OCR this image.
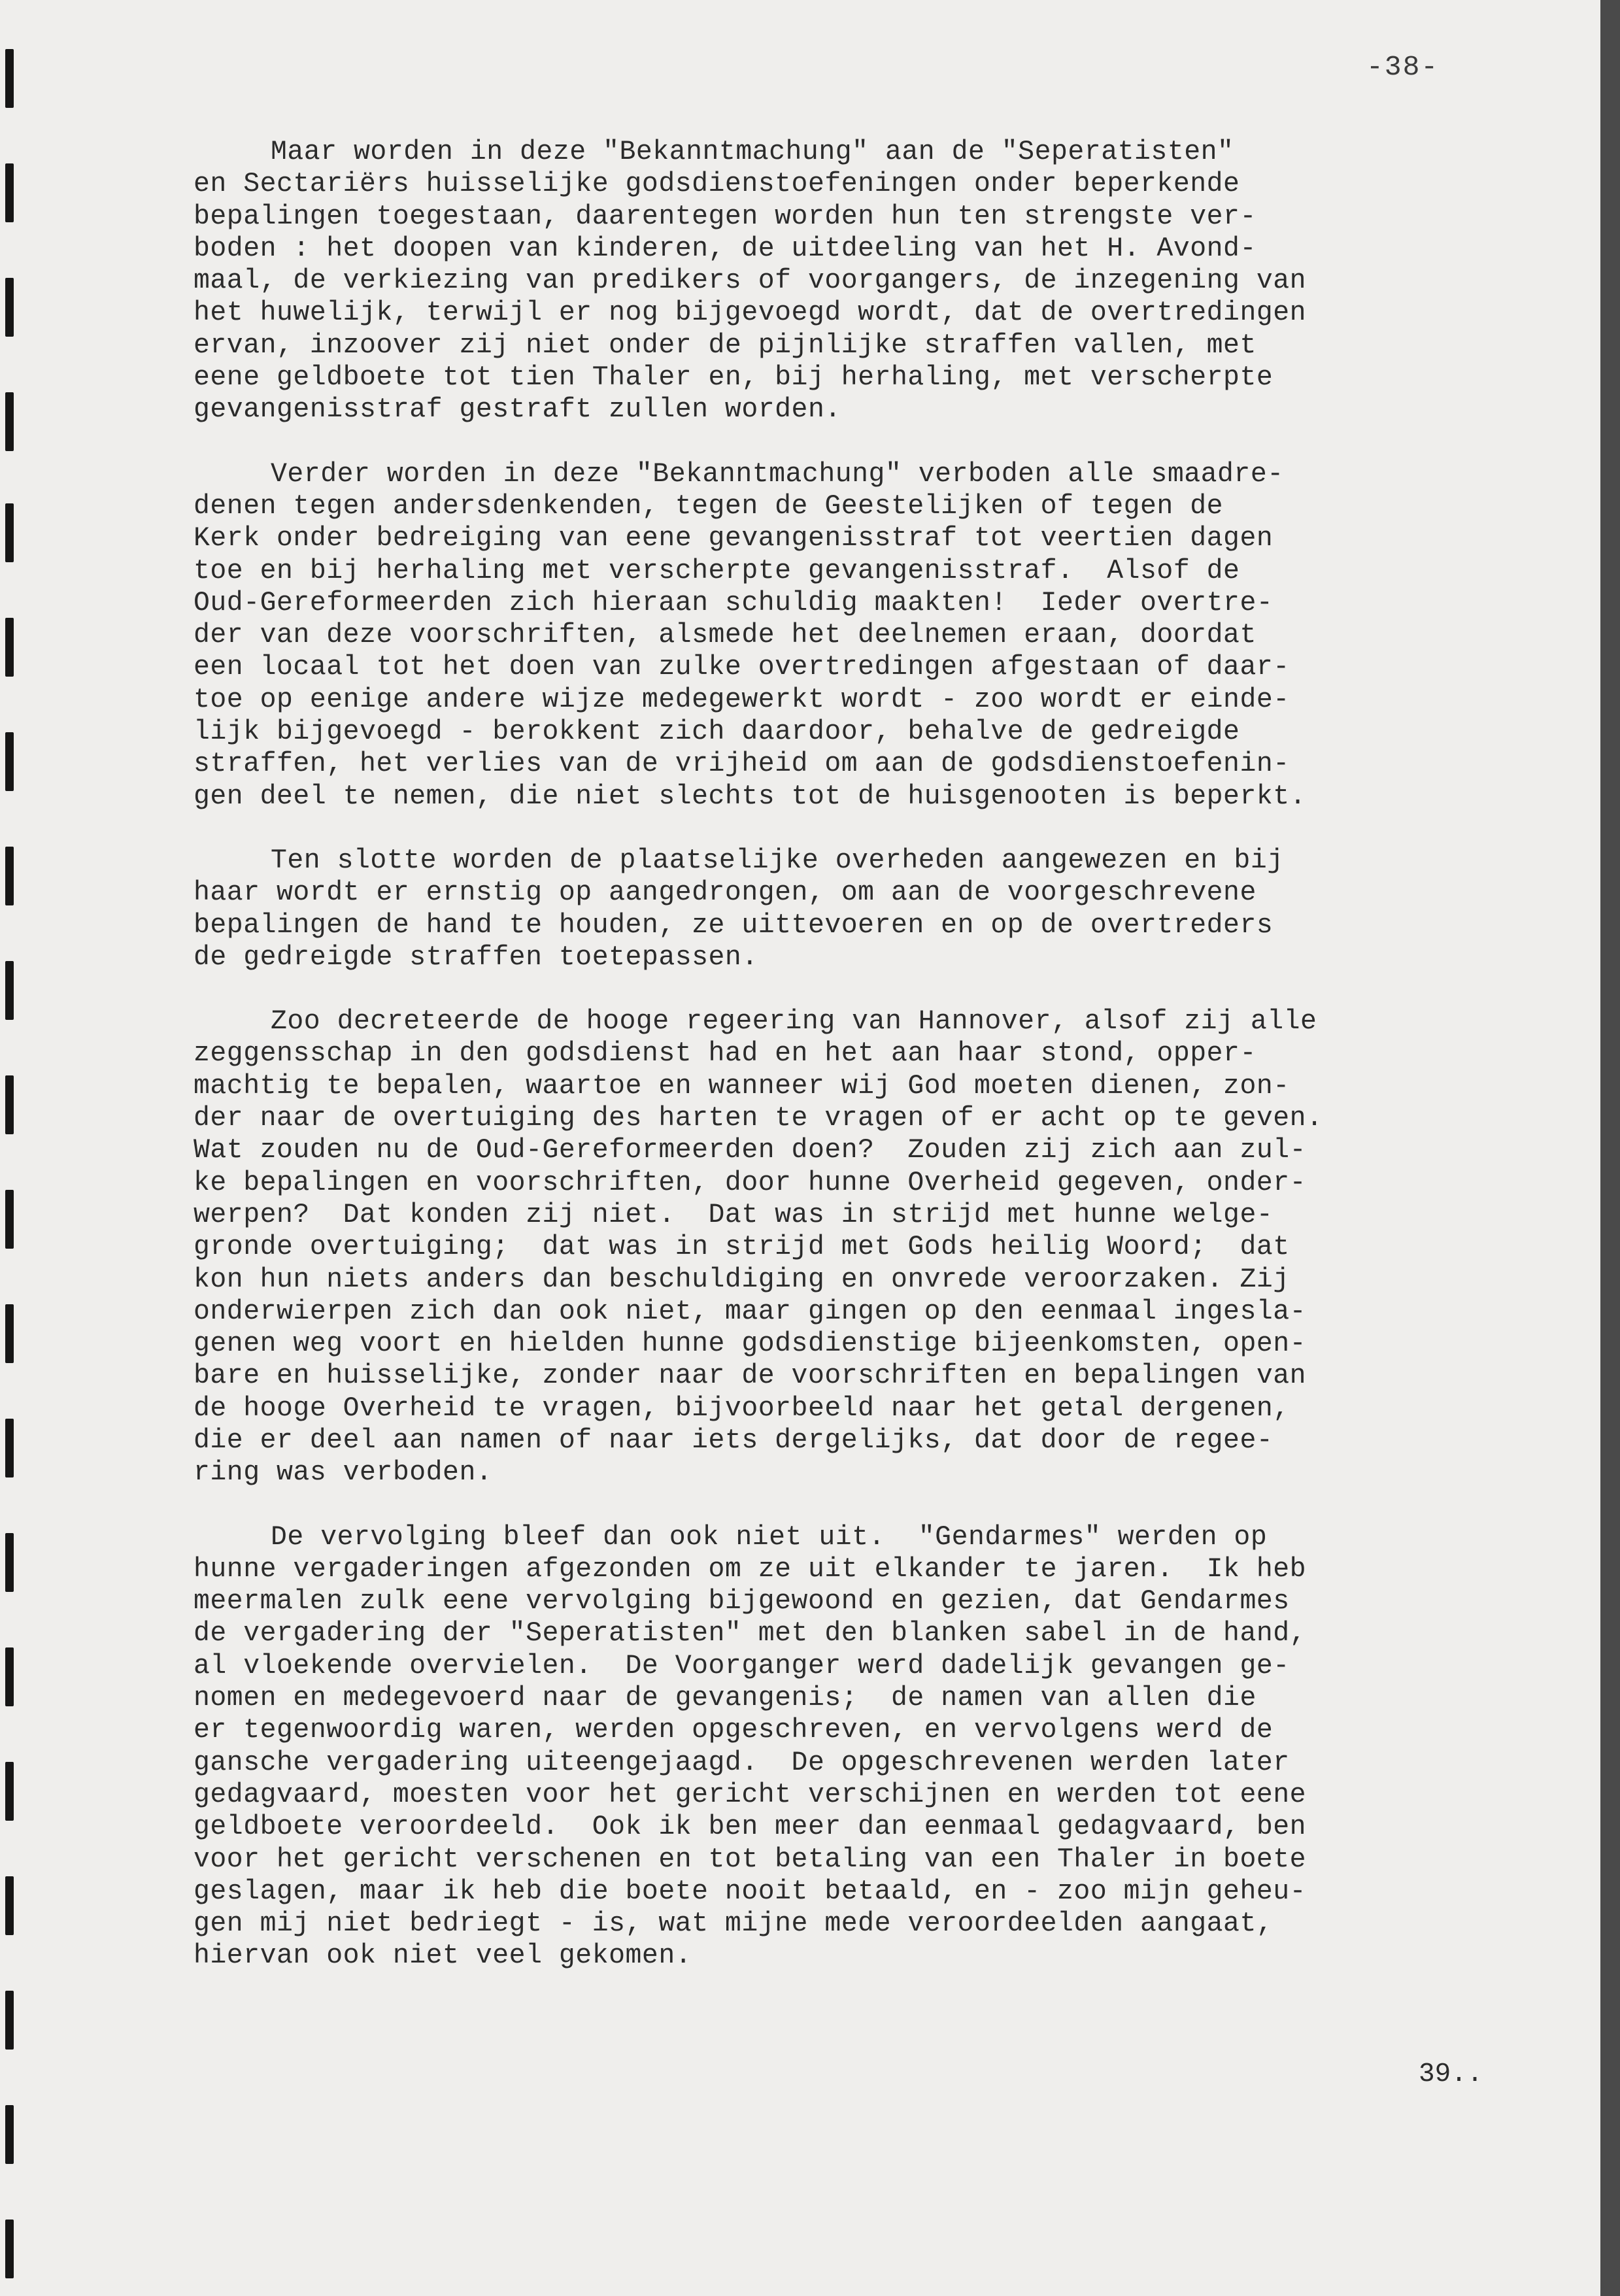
-38-
Maar worden in deze "Bekanntmachung" aan de "Seperatisten"
en Sectariërs huisselijke godsdienstoefeningen onder beperkende
bepalingen toegestaan, daarentegen worden hun ten strengste ver-
boden : het doopen van kinderen, de uitdeeling van het H. Avond-
maal, de verkiezing van predikers of voorgangers, de inzegening van
het huwelijk, terwijl er nog bijgevoegd wordt, dat de overtredingen
ervan, inzoover zij niet onder de pijnlijke straffen vallen, met
eene geldboete tot tien Thaler en, bij herhaling, met verscherpte
gevangenisstraf gestraft zullen worden.
Verder worden in deze "Bekanntmachung" verboden alle smaadre-
denen tegen andersdenkenden, tegen de Geestelijken of tegen de
Kerk onder bedreiging van eene gevangenisstraf tot veertien dagen
toe en bij herhaling met verscherpte gevangenisstraf.  Alsof de
Oud-Gereformeerden zich hieraan schuldig maakten!  Ieder overtre-
der van deze voorschriften, alsmede het deelnemen eraan, doordat
een locaal tot het doen van zulke overtredingen afgestaan of daar-
toe op eenige andere wijze medegewerkt wordt - zoo wordt er einde-
lijk bijgevoegd - berokkent zich daardoor, behalve de gedreigde
straffen, het verlies van de vrijheid om aan de godsdienstoefenin-
gen deel te nemen, die niet slechts tot de huisgenooten is beperkt.
Ten slotte worden de plaatselijke overheden aangewezen en bij
haar wordt er ernstig op aangedrongen, om aan de voorgeschrevene
bepalingen de hand te houden, ze uittevoeren en op de overtreders
de gedreigde straffen toetepassen.
Zoo decreteerde de hooge regeering van Hannover, alsof zij alle
zeggensschap in den godsdienst had en het aan haar stond, opper-
machtig te bepalen, waartoe en wanneer wij God moeten dienen, zon-
der naar de overtuiging des harten te vragen of er acht op te geven.
Wat zouden nu de Oud-Gereformeerden doen?  Zouden zij zich aan zul-
ke bepalingen en voorschriften, door hunne Overheid gegeven, onder-
werpen?  Dat konden zij niet.  Dat was in strijd met hunne welge-
gronde overtuiging;  dat was in strijd met Gods heilig Woord;  dat
kon hun niets anders dan beschuldiging en onvrede veroorzaken. Zij
onderwierpen zich dan ook niet, maar gingen op den eenmaal ingesla-
genen weg voort en hielden hunne godsdienstige bijeenkomsten, open-
bare en huisselijke, zonder naar de voorschriften en bepalingen van
de hooge Overheid te vragen, bijvoorbeeld naar het getal dergenen,
die er deel aan namen of naar iets dergelijks, dat door de regee-
ring was verboden.
De vervolging bleef dan ook niet uit.  "Gendarmes" werden op
hunne vergaderingen afgezonden om ze uit elkander te jaren.  Ik heb
meermalen zulk eene vervolging bijgewoond en gezien, dat Gendarmes
de vergadering der "Seperatisten" met den blanken sabel in de hand,
al vloekende overvielen.  De Voorganger werd dadelijk gevangen ge-
nomen en medegevoerd naar de gevangenis;  de namen van allen die
er tegenwoordig waren, werden opgeschreven, en vervolgens werd de
gansche vergadering uiteengejaagd.  De opgeschrevenen werden later
gedagvaard, moesten voor het gericht verschijnen en werden tot eene
geldboete veroordeeld.  Ook ik ben meer dan eenmaal gedagvaard, ben
voor het gericht verschenen en tot betaling van een Thaler in boete
geslagen, maar ik heb die boete nooit betaald, en - zoo mijn geheu-
gen mij niet bedriegt - is, wat mijne mede veroordeelden aangaat,
hiervan ook niet veel gekomen.
39..
